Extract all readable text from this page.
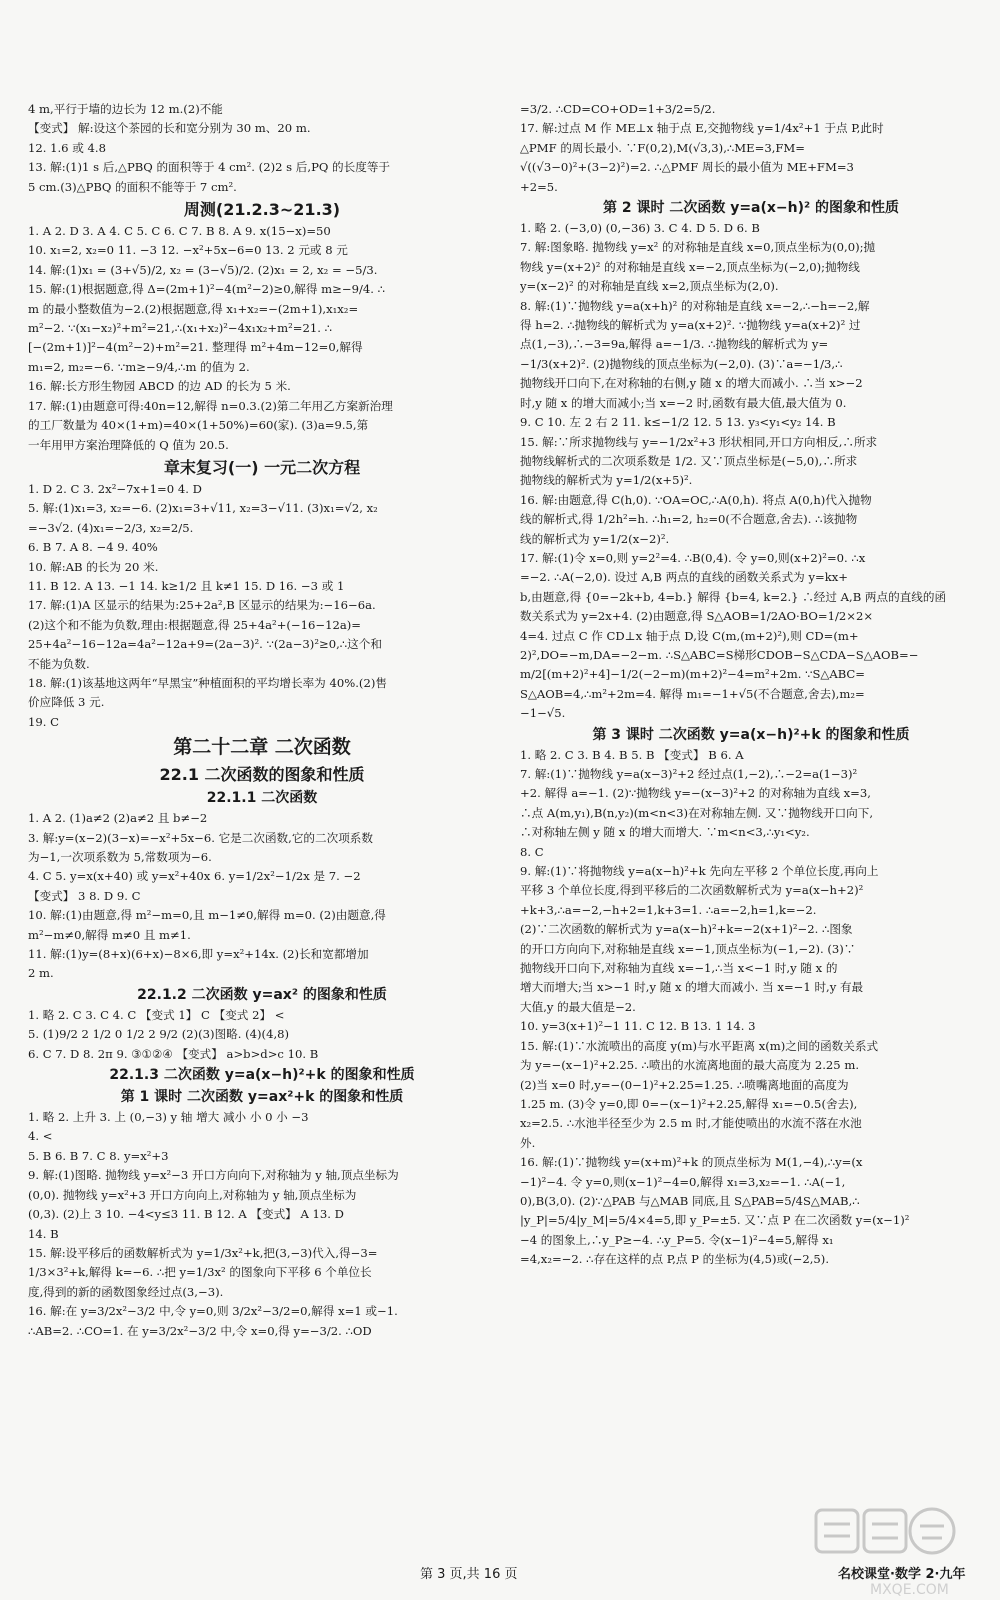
4 m,平行于墙的边长为 12 m.(2)不能
【变式】 解:设这个茶园的长和宽分别为 30 m、20 m.
12. 1.6 或 4.8
13. 解:(1)1 s 后,△PBQ 的面积等于 4 cm². (2)2 s 后,PQ 的长度等于
5 cm.(3)△PBQ 的面积不能等于 7 cm².
周测(21.2.3~21.3)
1. A 2. D 3. A 4. C 5. C 6. C 7. B 8. A 9. x(15−x)=50
10. x₁=2, x₂=0 11. −3 12. −x²+5x−6=0 13. 2 元或 8 元
14. 解:(1)x₁ = (3+√5)/2, x₂ = (3−√5)/2. (2)x₁ = 2, x₂ = −5/3.
15. 解:(1)根据题意,得 Δ=(2m+1)²−4(m²−2)≥0,解得 m≥−9/4. ∴
m 的最小整数值为−2.(2)根据题意,得 x₁+x₂=−(2m+1),x₁x₂=
m²−2. ∵(x₁−x₂)²+m²=21,∴(x₁+x₂)²−4x₁x₂+m²=21. ∴
[−(2m+1)]²−4(m²−2)+m²=21. 整理得 m²+4m−12=0,解得
m₁=2, m₂=−6. ∵m≥−9/4,∴m 的值为 2.
16. 解:长方形生物园 ABCD 的边 AD 的长为 5 米.
17. 解:(1)由题意可得:40n=12,解得 n=0.3.(2)第二年用乙方案新治理
的工厂数量为 40×(1+m)=40×(1+50%)=60(家). (3)a=9.5,第
一年用甲方案治理降低的 Q 值为 20.5.
章末复习(一) 一元二次方程
1. D 2. C 3. 2x²−7x+1=0 4. D
5. 解:(1)x₁=3, x₂=−6. (2)x₁=3+√11, x₂=3−√11. (3)x₁=√2, x₂
=−3√2. (4)x₁=−2/3, x₂=2/5.
6. B 7. A 8. −4 9. 40%
10. 解:AB 的长为 20 米.
11. B 12. A 13. −1 14. k≥1/2 且 k≠1 15. D 16. −3 或 1
17. 解:(1)A 区显示的结果为:25+2a²,B 区显示的结果为:−16−6a.
(2)这个和不能为负数,理由:根据题意,得 25+4a²+(−16−12a)=
25+4a²−16−12a=4a²−12a+9=(2a−3)². ∵(2a−3)²≥0,∴这个和
不能为负数.
18. 解:(1)该基地这两年“早黑宝”种植面积的平均增长率为 40%.(2)售
价应降低 3 元.
19. C
第二十二章 二次函数
22.1 二次函数的图象和性质
22.1.1 二次函数
1. A 2. (1)a≠2 (2)a≠2 且 b≠−2
3. 解:y=(x−2)(3−x)=−x²+5x−6. 它是二次函数,它的二次项系数
为−1,一次项系数为 5,常数项为−6.
4. C 5. y=x(x+40) 或 y=x²+40x 6. y=1/2x²−1/2x 是 7. −2
【变式】 3 8. D 9. C
10. 解:(1)由题意,得 m²−m=0,且 m−1≠0,解得 m=0. (2)由题意,得
m²−m≠0,解得 m≠0 且 m≠1.
11. 解:(1)y=(8+x)(6+x)−8×6,即 y=x²+14x. (2)长和宽都增加
2 m.
22.1.2 二次函数 y=ax² 的图象和性质
1. 略 2. C 3. C 4. C 【变式 1】 C 【变式 2】 <
5. (1)9/2 2 1/2 0 1/2 2 9/2 (2)(3)图略. (4)(4,8)
6. C 7. D 8. 2π 9. ③①②④ 【变式】 a>b>d>c 10. B
22.1.3 二次函数 y=a(x−h)²+k 的图象和性质
第 1 课时 二次函数 y=ax²+k 的图象和性质
1. 略 2. 上升 3. 上 (0,−3) y 轴 增大 减小 小 0 小 −3
4. <
5. B 6. B 7. C 8. y=x²+3
9. 解:(1)图略. 抛物线 y=x²−3 开口方向向下,对称轴为 y 轴,顶点坐标为
(0,0). 抛物线 y=x²+3 开口方向向上,对称轴为 y 轴,顶点坐标为
(0,3). (2)上 3 10. −4<y≤3 11. B 12. A 【变式】 A 13. D
14. B
15. 解:设平移后的函数解析式为 y=1/3x²+k,把(3,−3)代入,得−3=
1/3×3²+k,解得 k=−6. ∴把 y=1/3x² 的图象向下平移 6 个单位长
度,得到的新的函数图象经过点(3,−3).
16. 解:在 y=3/2x²−3/2 中,令 y=0,则 3/2x²−3/2=0,解得 x=1 或−1.
∴AB=2. ∴CO=1. 在 y=3/2x²−3/2 中,令 x=0,得 y=−3/2. ∴OD
=3/2. ∴CD=CO+OD=1+3/2=5/2.
17. 解:过点 M 作 ME⊥x 轴于点 E,交抛物线 y=1/4x²+1 于点 P,此时
△PMF 的周长最小. ∵F(0,2),M(√3,3),∴ME=3,FM=
√((√3−0)²+(3−2)²)=2. ∴△PMF 周长的最小值为 ME+FM=3
+2=5.
第 2 课时 二次函数 y=a(x−h)² 的图象和性质
1. 略 2. (−3,0) (0,−36) 3. C 4. D 5. D 6. B
7. 解:图象略. 抛物线 y=x² 的对称轴是直线 x=0,顶点坐标为(0,0);抛
物线 y=(x+2)² 的对称轴是直线 x=−2,顶点坐标为(−2,0);抛物线
y=(x−2)² 的对称轴是直线 x=2,顶点坐标为(2,0).
8. 解:(1)∵抛物线 y=a(x+h)² 的对称轴是直线 x=−2,∴−h=−2,解
得 h=2. ∴抛物线的解析式为 y=a(x+2)². ∵抛物线 y=a(x+2)² 过
点(1,−3),∴−3=9a,解得 a=−1/3. ∴抛物线的解析式为 y=
−1/3(x+2)². (2)抛物线的顶点坐标为(−2,0). (3)∵a=−1/3,∴
抛物线开口向下,在对称轴的右侧,y 随 x 的增大而减小. ∴当 x>−2
时,y 随 x 的增大而减小;当 x=−2 时,函数有最大值,最大值为 0.
9. C 10. 左 2 右 2 11. k≤−1/2 12. 5 13. y₃<y₁<y₂ 14. B
15. 解:∵所求抛物线与 y=−1/2x²+3 形状相同,开口方向相反,∴所求
抛物线解析式的二次项系数是 1/2. 又∵顶点坐标是(−5,0),∴所求
抛物线的解析式为 y=1/2(x+5)².
16. 解:由题意,得 C(h,0). ∵OA=OC,∴A(0,h). 将点 A(0,h)代入抛物
线的解析式,得 1/2h²=h. ∴h₁=2, h₂=0(不合题意,舍去). ∴该抛物
线的解析式为 y=1/2(x−2)².
17. 解:(1)令 x=0,则 y=2²=4. ∴B(0,4). 令 y=0,则(x+2)²=0. ∴x
=−2. ∴A(−2,0). 设过 A,B 两点的直线的函数关系式为 y=kx+
b,由题意,得 {0=−2k+b, 4=b.} 解得 {b=4, k=2.} ∴经过 A,B 两点的直线的函
数关系式为 y=2x+4. (2)由题意,得 S△AOB=1/2AO·BO=1/2×2×
4=4. 过点 C 作 CD⊥x 轴于点 D,设 C(m,(m+2)²),则 CD=(m+
2)²,DO=−m,DA=−2−m. ∴S△ABC=S梯形CDOB−S△CDA−S△AOB=−
m/2[(m+2)²+4]−1/2(−2−m)(m+2)²−4=m²+2m. ∵S△ABC=
S△AOB=4,∴m²+2m=4. 解得 m₁=−1+√5(不合题意,舍去),m₂=
−1−√5.
第 3 课时 二次函数 y=a(x−h)²+k 的图象和性质
1. 略 2. C 3. B 4. B 5. B 【变式】 B 6. A
7. 解:(1)∵抛物线 y=a(x−3)²+2 经过点(1,−2),∴−2=a(1−3)²
+2. 解得 a=−1. (2)∵抛物线 y=−(x−3)²+2 的对称轴为直线 x=3,
∴点 A(m,y₁),B(n,y₂)(m<n<3)在对称轴左侧. 又∵抛物线开口向下,
∴对称轴左侧 y 随 x 的增大而增大. ∵m<n<3,∴y₁<y₂.
8. C
9. 解:(1)∵将抛物线 y=a(x−h)²+k 先向左平移 2 个单位长度,再向上
平移 3 个单位长度,得到平移后的二次函数解析式为 y=a(x−h+2)²
+k+3,∴a=−2,−h+2=1,k+3=1. ∴a=−2,h=1,k=−2.
(2)∵二次函数的解析式为 y=a(x−h)²+k=−2(x+1)²−2. ∴图象
的开口方向向下,对称轴是直线 x=−1,顶点坐标为(−1,−2). (3)∵
抛物线开口向下,对称轴为直线 x=−1,∴当 x<−1 时,y 随 x 的
增大而增大;当 x>−1 时,y 随 x 的增大而减小. 当 x=−1 时,y 有最
大值,y 的最大值是−2.
10. y=3(x+1)²−1 11. C 12. B 13. 1 14. 3
15. 解:(1)∵水流喷出的高度 y(m)与水平距离 x(m)之间的函数关系式
为 y=−(x−1)²+2.25. ∴喷出的水流离地面的最大高度为 2.25 m.
(2)当 x=0 时,y=−(0−1)²+2.25=1.25. ∴喷嘴离地面的高度为
1.25 m. (3)令 y=0,即 0=−(x−1)²+2.25,解得 x₁=−0.5(舍去),
x₂=2.5. ∴水池半径至少为 2.5 m 时,才能使喷出的水流不落在水池
外.
16. 解:(1)∵抛物线 y=(x+m)²+k 的顶点坐标为 M(1,−4),∴y=(x
−1)²−4. 令 y=0,则(x−1)²−4=0,解得 x₁=3,x₂=−1. ∴A(−1,
0),B(3,0). (2)∵△PAB 与△MAB 同底,且 S△PAB=5/4S△MAB,∴
|y_P|=5/4|y_M|=5/4×4=5,即 y_P=±5. 又∵点 P 在二次函数 y=(x−1)²
−4 的图象上,∴y_P≥−4. ∴y_P=5. 令(x−1)²−4=5,解得 x₁
=4,x₂=−2. ∴存在这样的点 P,点 P 的坐标为(4,5)或(−2,5).
第 3 页,共 16 页	名校课堂·数学 2·九年
MXQE.COM
